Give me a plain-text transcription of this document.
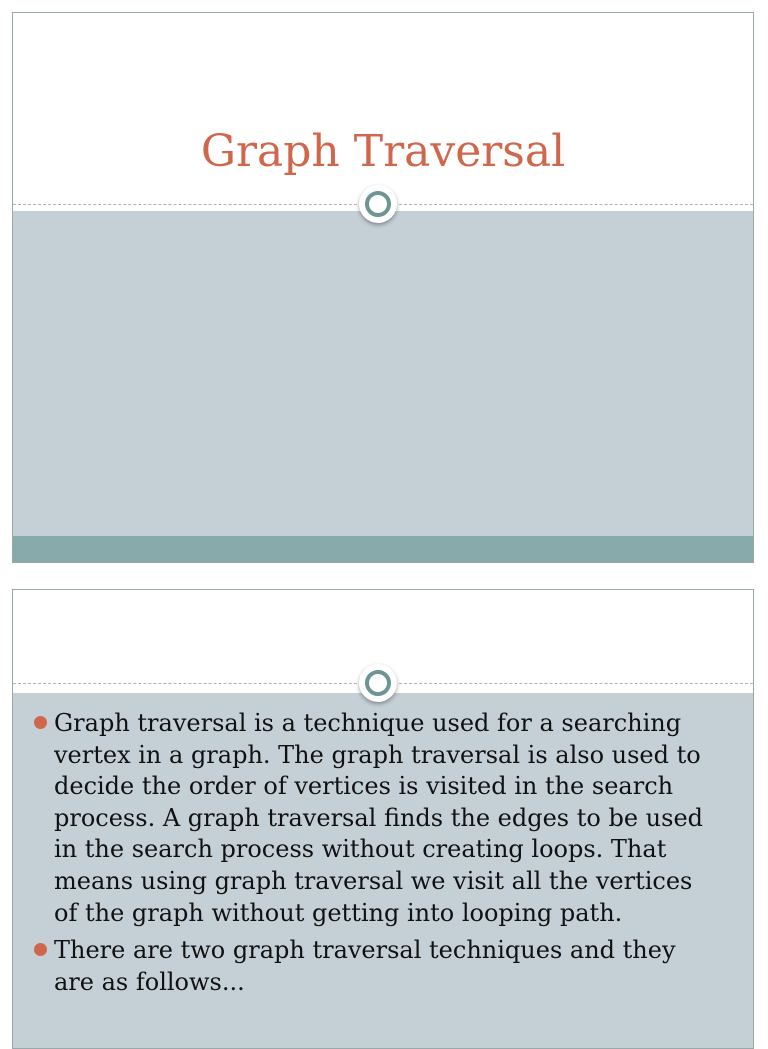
Graph Traversal
Graph traversal is a technique used for a searching vertex in a graph. The graph traversal is also used to decide the order of vertices is visited in the search process. A graph traversal finds the edges to be used in the search process without creating loops. That means using graph traversal we visit all the vertices of the graph without getting into looping path.
There are two graph traversal techniques and they are as follows...
